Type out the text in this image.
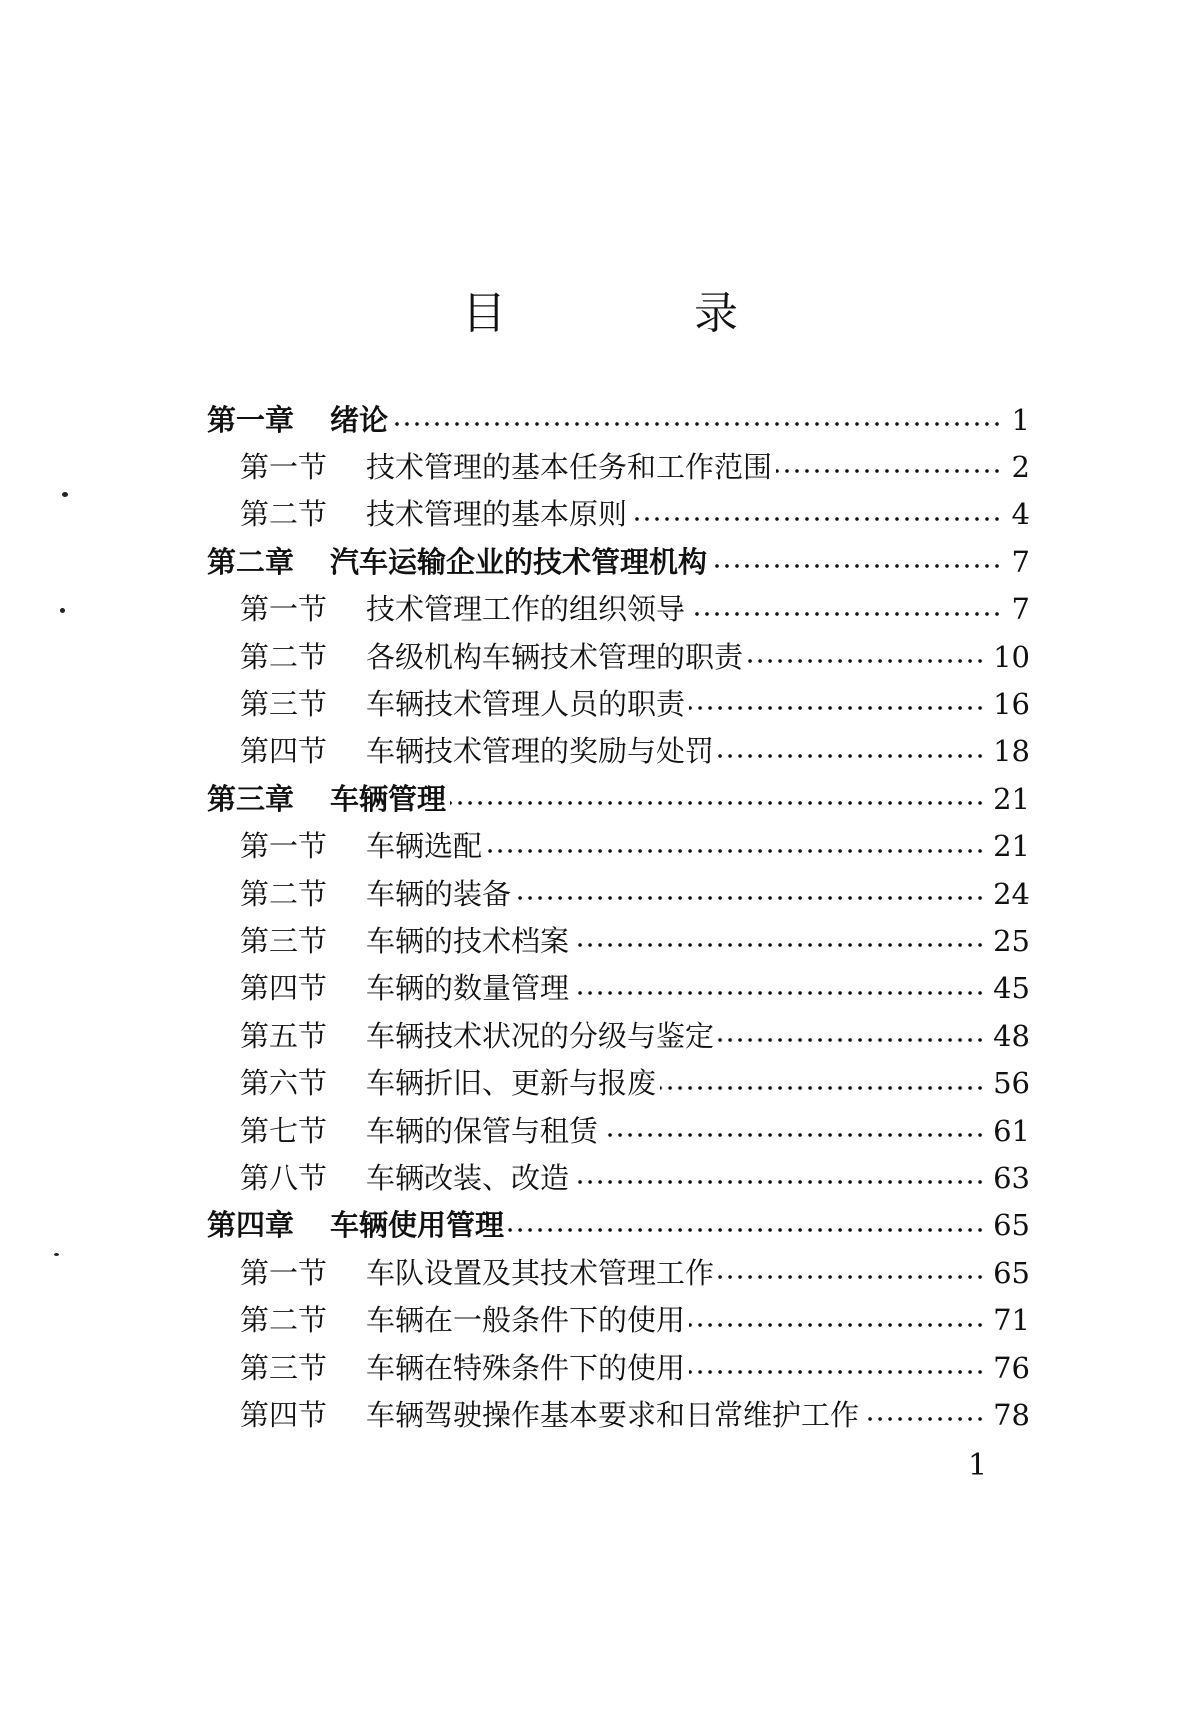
目　录
第一章	绪论	1
第一节	技术管理的基本任务和工作范围	2
第二节	技术管理的基本原则	4
第二章	汽车运输企业的技术管理机构	7
第一节	技术管理工作的组织领导	7
第二节	各级机构车辆技术管理的职责	10
第三节	车辆技术管理人员的职责	16
第四节	车辆技术管理的奖励与处罚	18
第三章	车辆管理	21
第一节	车辆选配	21
第二节	车辆的装备	24
第三节	车辆的技术档案	25
第四节	车辆的数量管理	45
第五节	车辆技术状况的分级与鉴定	48
第六节	车辆折旧、更新与报废	56
第七节	车辆的保管与租赁	61
第八节	车辆改装、改造	63
第四章	车辆使用管理	65
第一节	车队设置及其技术管理工作	65
第二节	车辆在一般条件下的使用	71
第三节	车辆在特殊条件下的使用	76
第四节	车辆驾驶操作基本要求和日常维护工作	78
1
